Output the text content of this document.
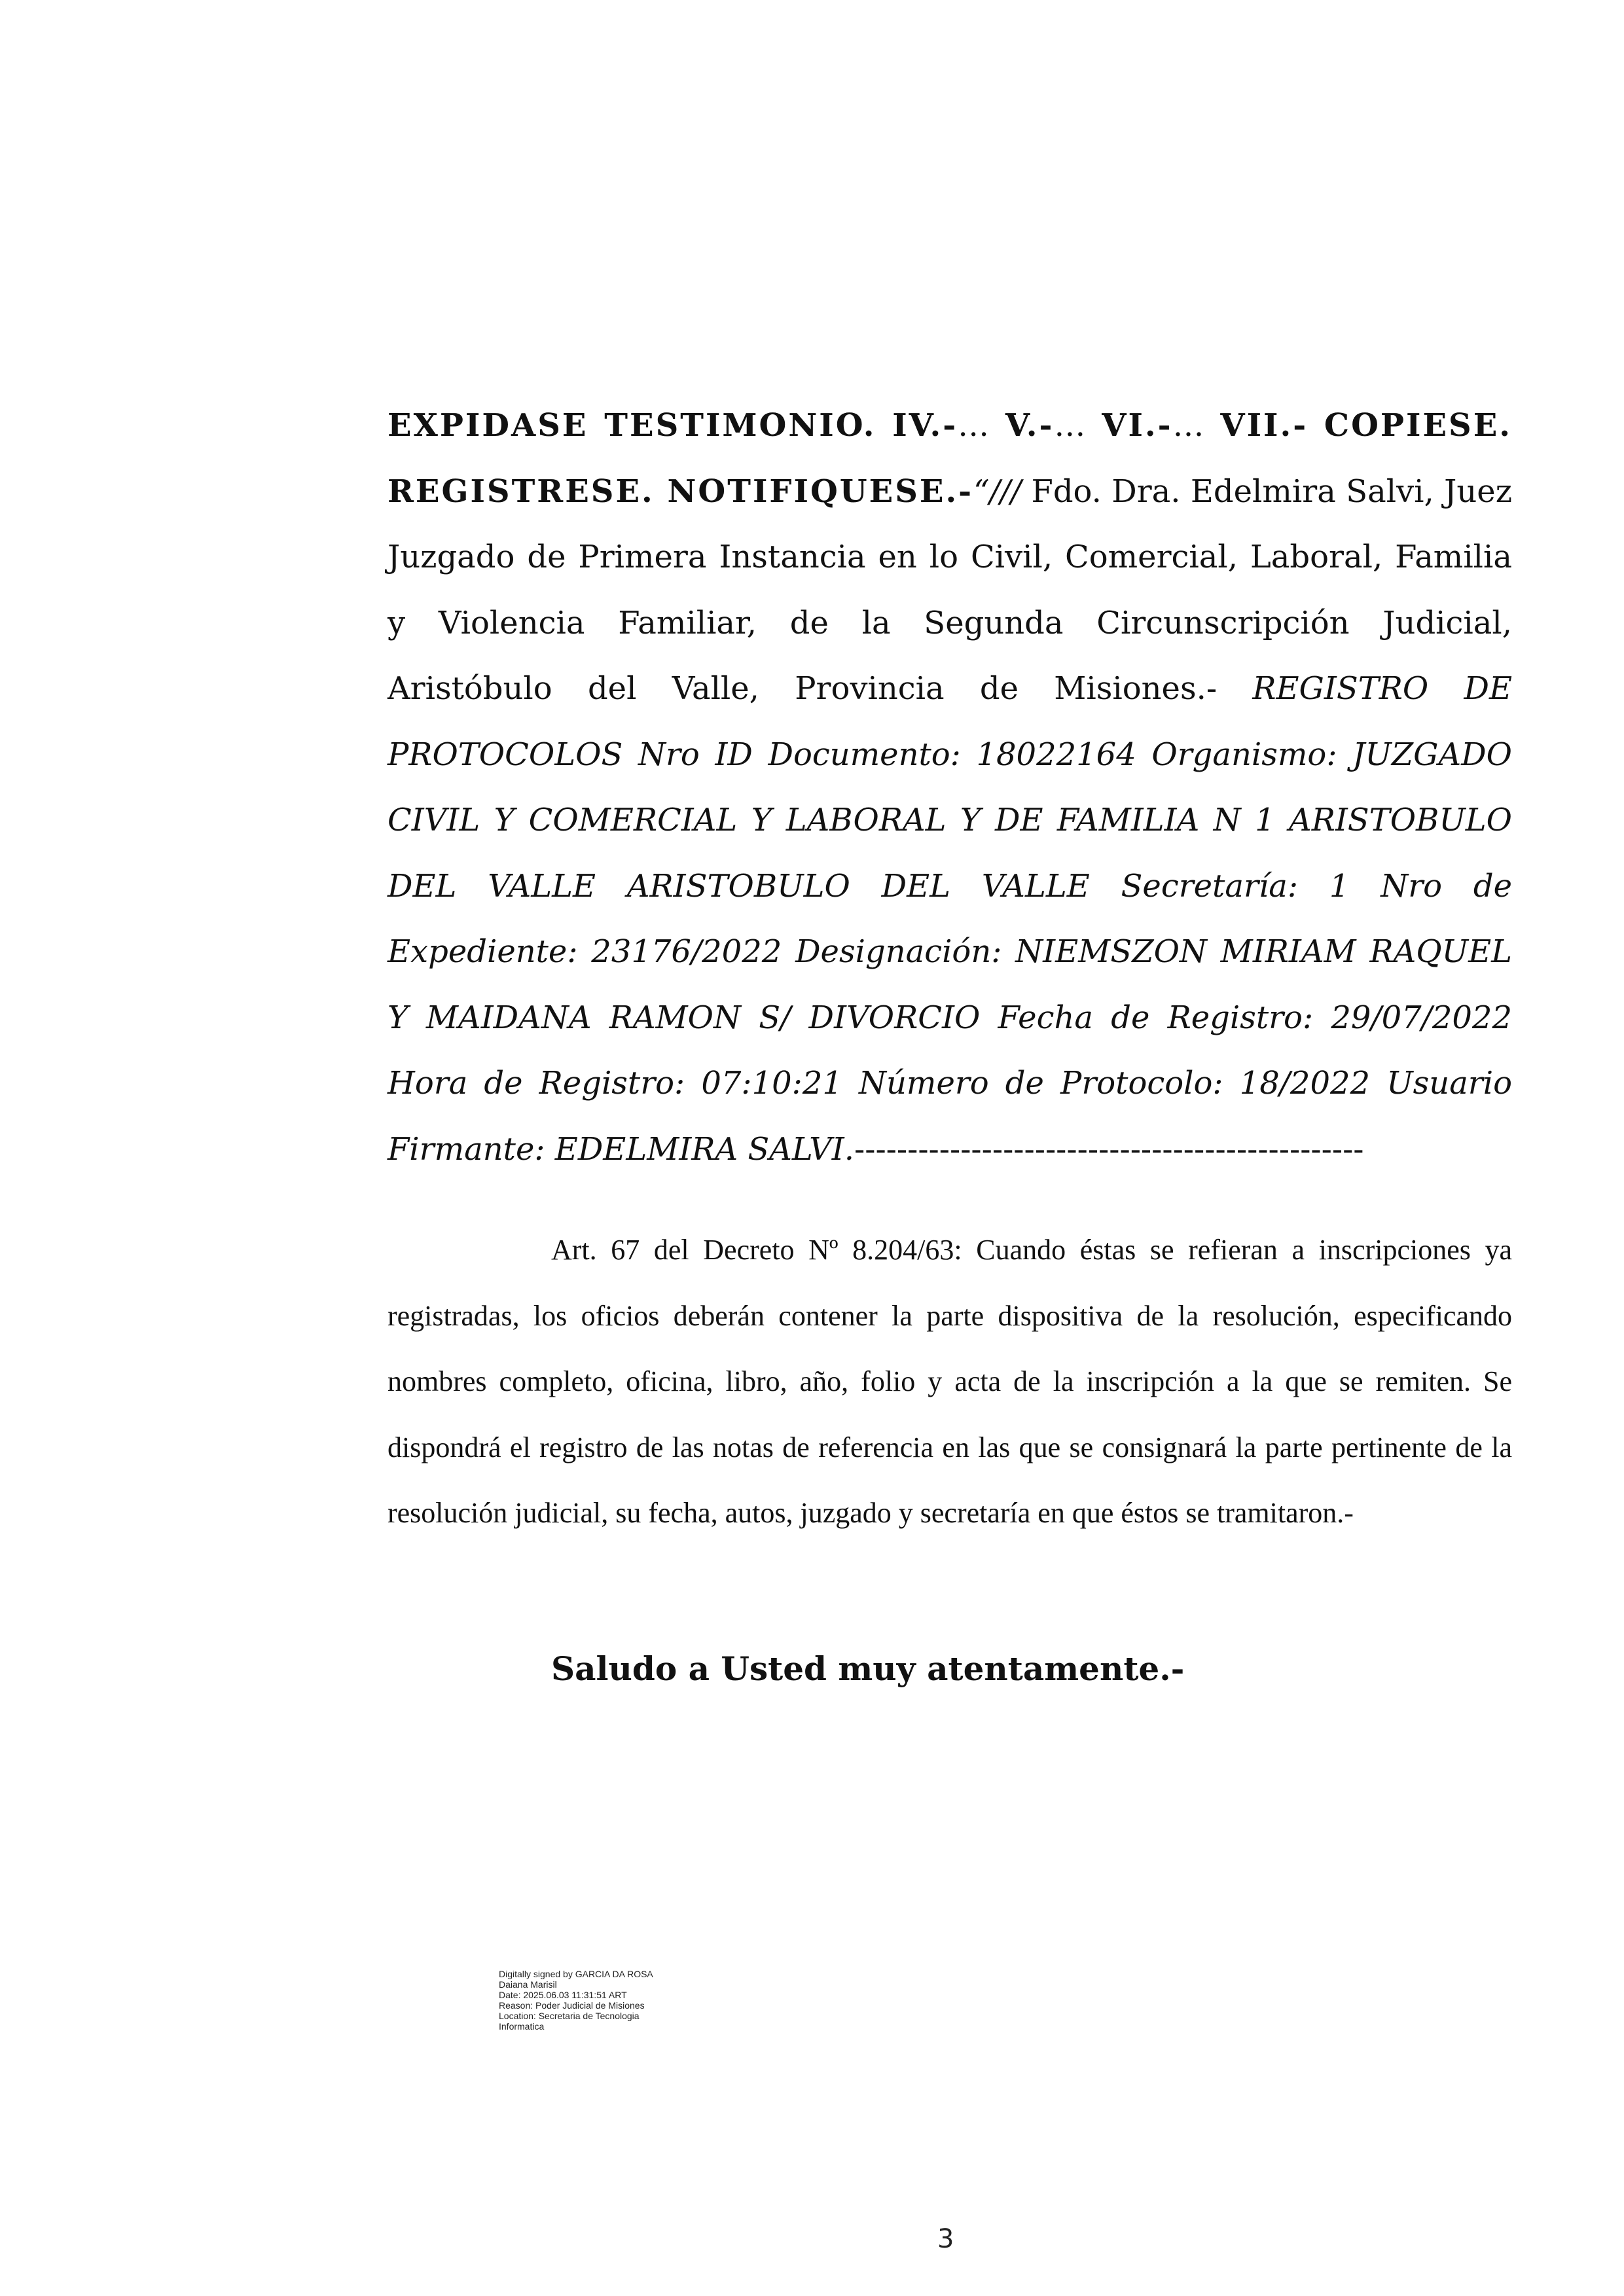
EXPIDASE TESTIMONIO. IV.-… V.-… VI.-… VII.- COPIESE. REGISTRESE. NOTIFIQUESE.-“/// Fdo. Dra. Edelmira Salvi, Juez Juzgado de Primera Instancia en lo Civil, Comercial, Laboral, Familia y Violencia Familiar, de la Segunda Circunscripción Judicial, Aristóbulo del Valle, Provincia de Misiones.- REGISTRO DE PROTOCOLOS Nro ID Documento: 18022164 Organismo: JUZGADO CIVIL Y COMERCIAL Y LABORAL Y DE FAMILIA N 1 ARISTOBULO DEL VALLE ARISTOBULO DEL VALLE Secretaría: 1 Nro de Expediente: 23176/2022 Designación: NIEMSZON MIRIAM RAQUEL Y MAIDANA RAMON S/ DIVORCIO Fecha de Registro: 29/07/2022 Hora de Registro: 07:10:21 Número de Protocolo: 18/2022 Usuario Firmante: EDELMIRA SALVI.------------------------------------------------

Art. 67 del Decreto Nº 8.204/63: Cuando éstas se refieran a inscripciones ya registradas, los oficios deberán contener la parte dispositiva de la resolución, especificando nombres completo, oficina, libro, año, folio y acta de la inscripción a la que se remiten. Se dispondrá el registro de las notas de referencia en las que se consignará la parte pertinente de la resolución judicial, su fecha, autos, juzgado y secretaría en que éstos se tramitaron.-

Saludo a Usted muy atentamente.-

Digitally signed by GARCIA DA ROSA
Daiana Marisil
Date: 2025.06.03 11:31:51 ART
Reason: Poder Judicial de Misiones
Location: Secretaria de Tecnologia
Informatica
3
